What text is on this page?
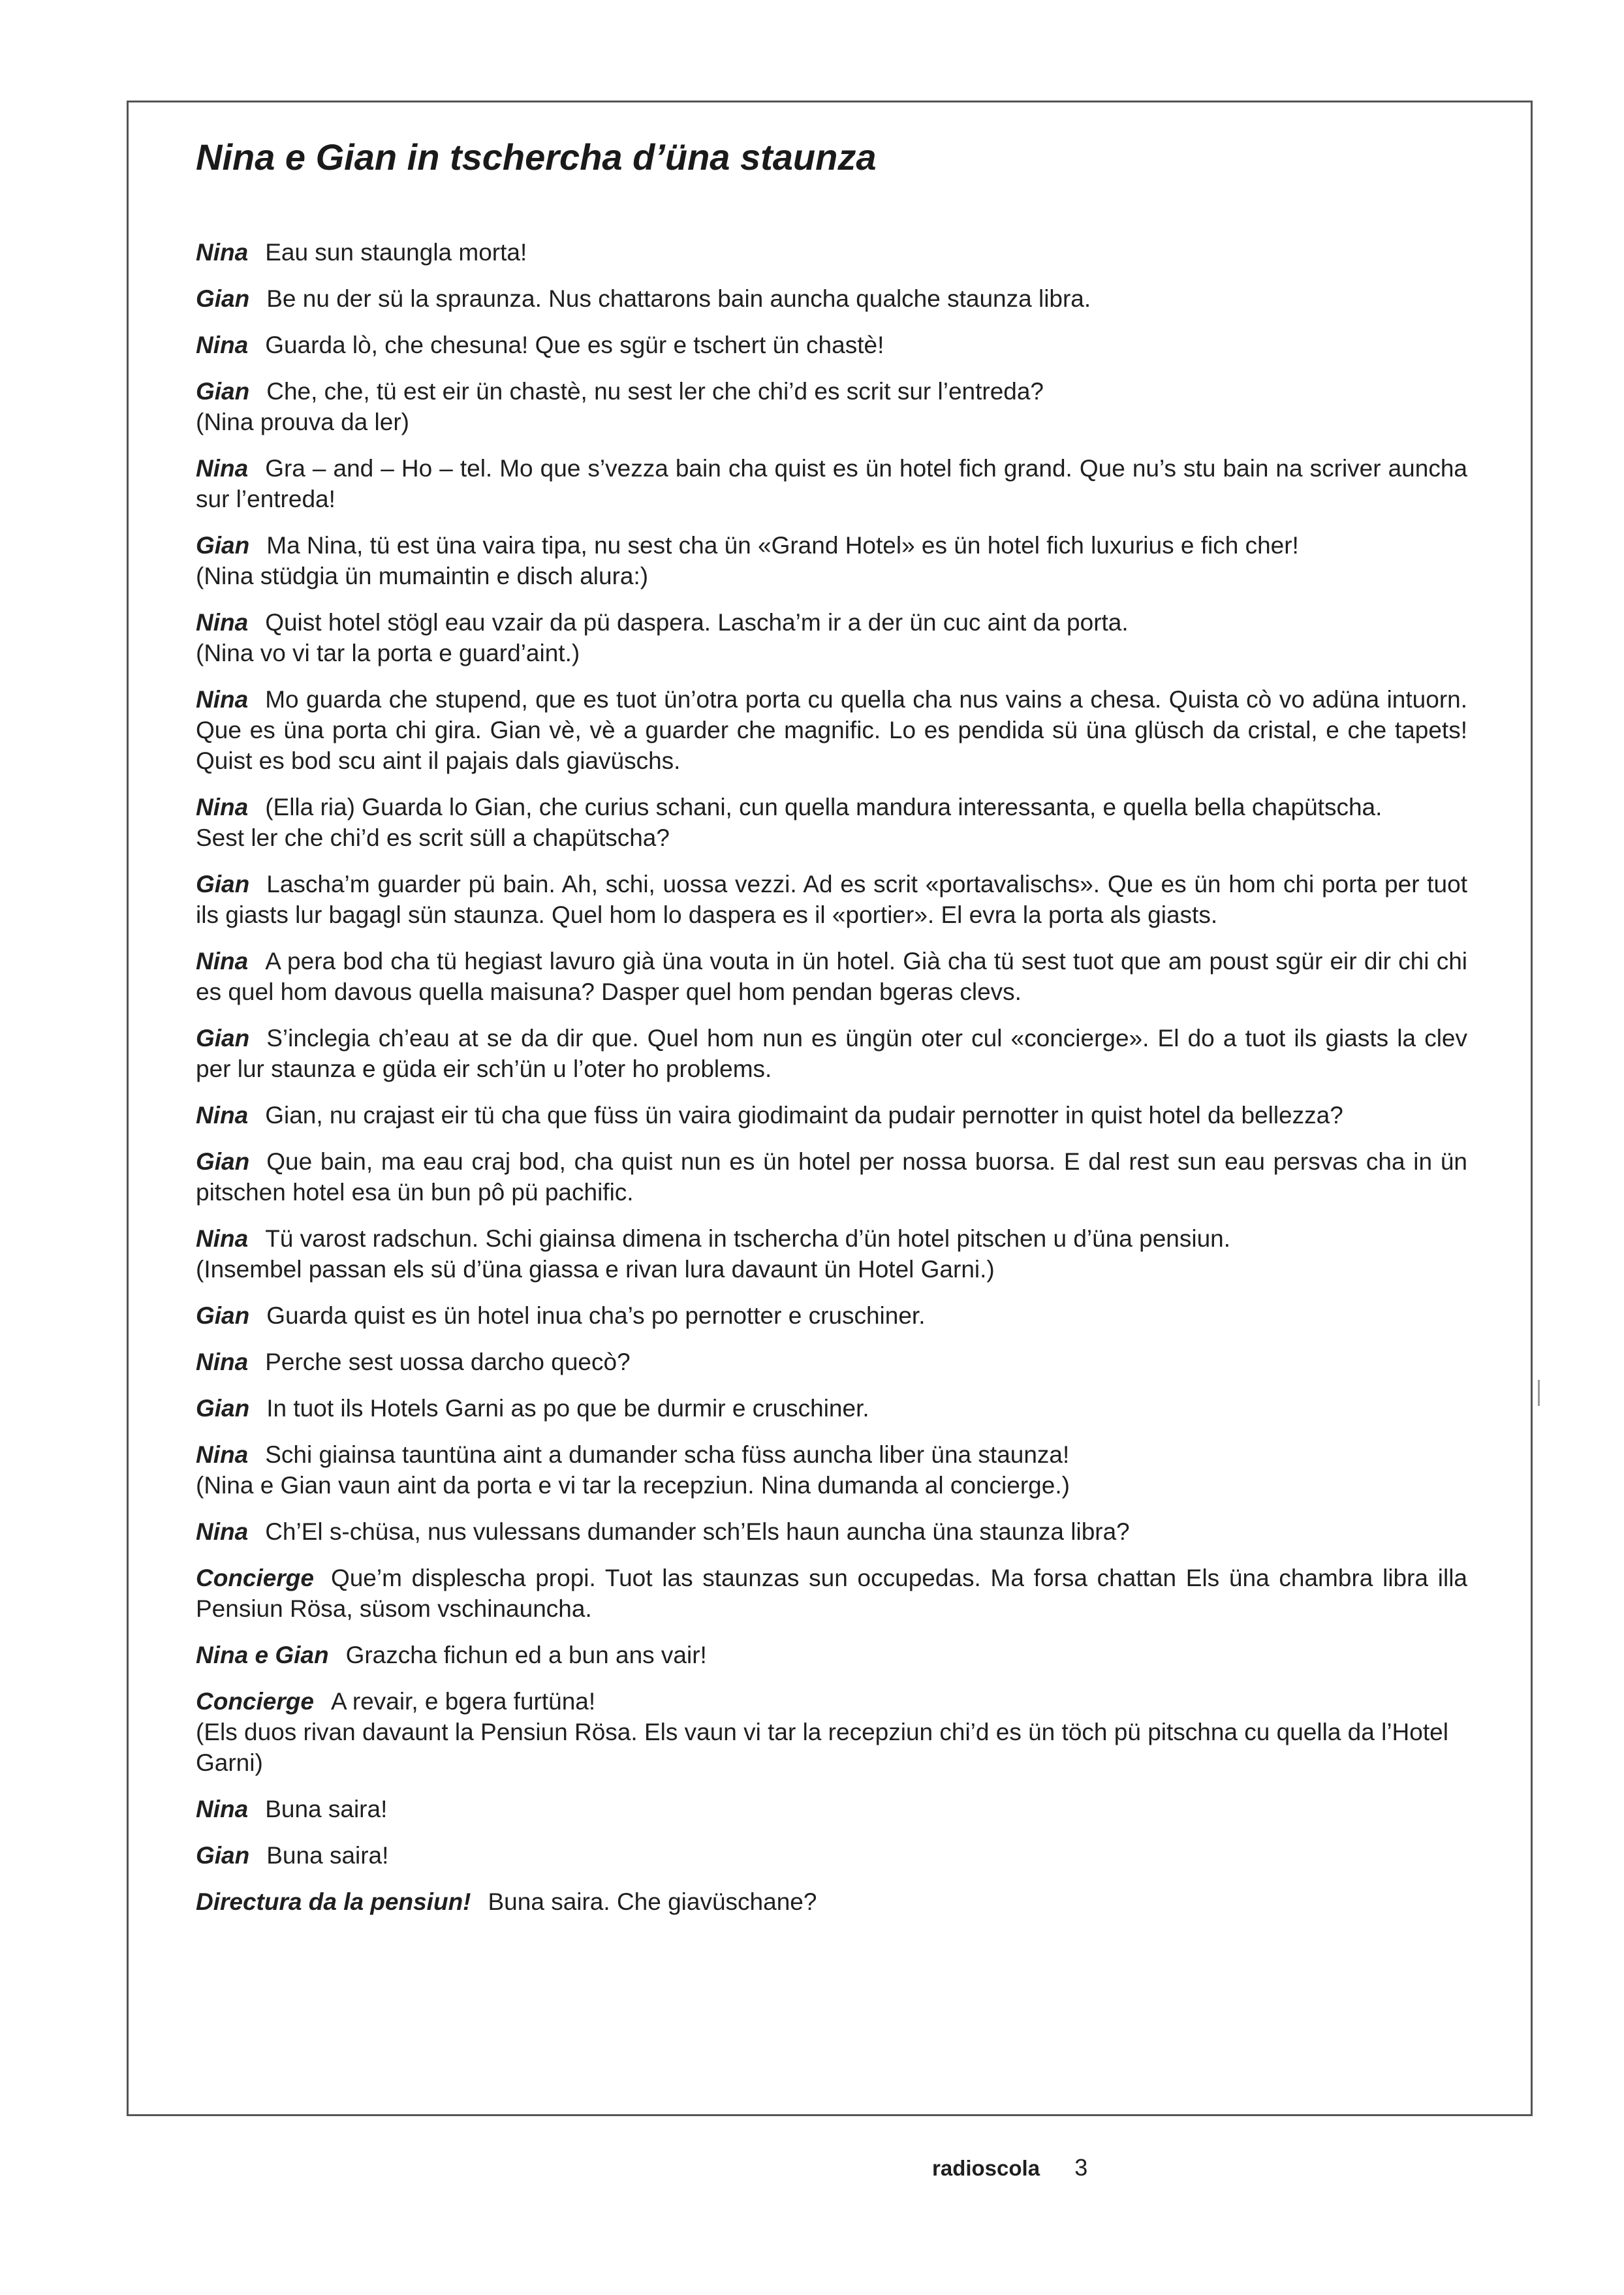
Nina e Gian in tschercha d’üna staunza

Nina Eau sun staungla morta!

Gian Be nu der sü la spraunza. Nus chattarons bain auncha qualche staunza libra.

Nina Guarda lò, che chesuna! Que es sgür e tschert ün chastè!

Gian Che, che, tü est eir ün chastè, nu sest ler che chi’d es scrit sur l’entreda?
(Nina prouva da ler)

Nina Gra – and – Ho – tel. Mo que s’vezza bain cha quist es ün hotel fich grand. Que nu’s stu bain na scriver auncha sur l’entreda!

Gian Ma Nina, tü est üna vaira tipa, nu sest cha ün «Grand Hotel» es ün hotel fich luxurius e fich cher!
(Nina stüdgia ün mumaintin e disch alura:)

Nina Quist hotel stögl eau vzair da pü daspera. Lascha’m ir a der ün cuc aint da porta.
(Nina vo vi tar la porta e guard’aint.)

Nina Mo guarda che stupend, que es tuot ün’otra porta cu quella cha nus vains a chesa. Quista cò vo adüna intuorn. Que es üna porta chi gira. Gian vè, vè a guarder che magnific. Lo es pendida sü üna glüsch da cristal, e che tapets! Quist es bod scu aint il pajais dals giavüschs.

Nina (Ella ria) Guarda lo Gian, che curius schani, cun quella mandura interessanta, e quella bella chapütscha.
Sest ler che chi’d es scrit süll a chapütscha?

Gian Lascha’m guarder pü bain. Ah, schi, uossa vezzi. Ad es scrit «portavalischs». Que es ün hom chi porta per tuot ils giasts lur bagagl sün staunza. Quel hom lo daspera es il «portier». El evra la porta als giasts.

Nina A pera bod cha tü hegiast lavuro già üna vouta in ün hotel. Già cha tü sest tuot que am poust sgür eir dir chi chi es quel hom davous quella maisuna? Dasper quel hom pendan bgeras clevs.

Gian S’inclegia ch’eau at se da dir que. Quel hom nun es üngün oter cul «concierge». El do a tuot ils giasts la clev per lur staunza e güda eir sch’ün u l’oter ho problems.

Nina Gian, nu crajast eir tü cha que füss ün vaira giodimaint da pudair pernotter in quist hotel da bellezza?

Gian Que bain, ma eau craj bod, cha quist nun es ün hotel per nossa buorsa. E dal rest sun eau persvas cha in ün pitschen hotel esa ün bun pô pü pachific.

Nina Tü varost radschun. Schi giainsa dimena in tschercha d’ün hotel pitschen u d’üna pensiun.
(Insembel passan els sü d’üna giassa e rivan lura davaunt ün Hotel Garni.)

Gian Guarda quist es ün hotel inua cha’s po pernotter e cruschiner.

Nina Perche sest uossa darcho quecò?

Gian In tuot ils Hotels Garni as po que be durmir e cruschiner.

Nina Schi giainsa tauntüna aint a dumander scha füss auncha liber üna staunza!
(Nina e Gian vaun aint da porta e vi tar la recepziun. Nina dumanda al concierge.)

Nina Ch’El s-chüsa, nus vulessans dumander sch’Els haun auncha üna staunza libra?

Concierge Que’m displescha propi. Tuot las staunzas sun occupedas. Ma forsa chattan Els üna chambra libra illa Pensiun Rösa, süsom vschinauncha.

Nina e Gian Grazcha fichun ed a bun ans vair!

Concierge A revair, e bgera furtüna!
(Els duos rivan davaunt la Pensiun Rösa. Els vaun vi tar la recepziun chi’d es ün töch pü pitschna cu quella da l’Hotel Garni)

Nina Buna saira!

Gian Buna saira!

Directura da la pensiun! Buna saira. Che giavüschane?

radioscola 3
